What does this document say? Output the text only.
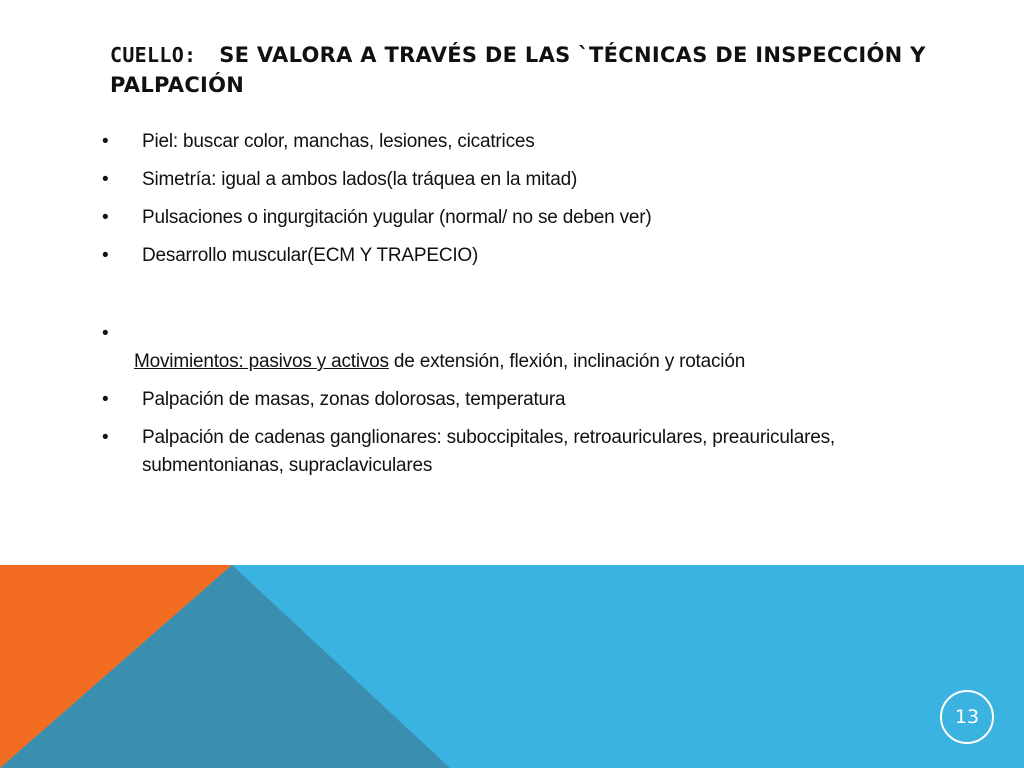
CUELLO:   SE VALORA A TRAVÉS DE LAS `TÉCNICAS DE INSPECCIÓN Y PALPACIÓN
• Piel: buscar color, manchas, lesiones, cicatrices
• Simetría: igual a ambos lados(la tráquea en la mitad)
• Pulsaciones o ingurgitación yugular (normal/ no se deben ver)
• Desarrollo muscular(ECM Y TRAPECIO)
•
Movimientos: pasivos y activos de extensión, flexión, inclinación y rotación
• Palpación de masas, zonas dolorosas, temperatura
• Palpación de cadenas ganglionares: suboccipitales, retroauriculares, preauriculares, submentonianas, supraclaviculares
13
